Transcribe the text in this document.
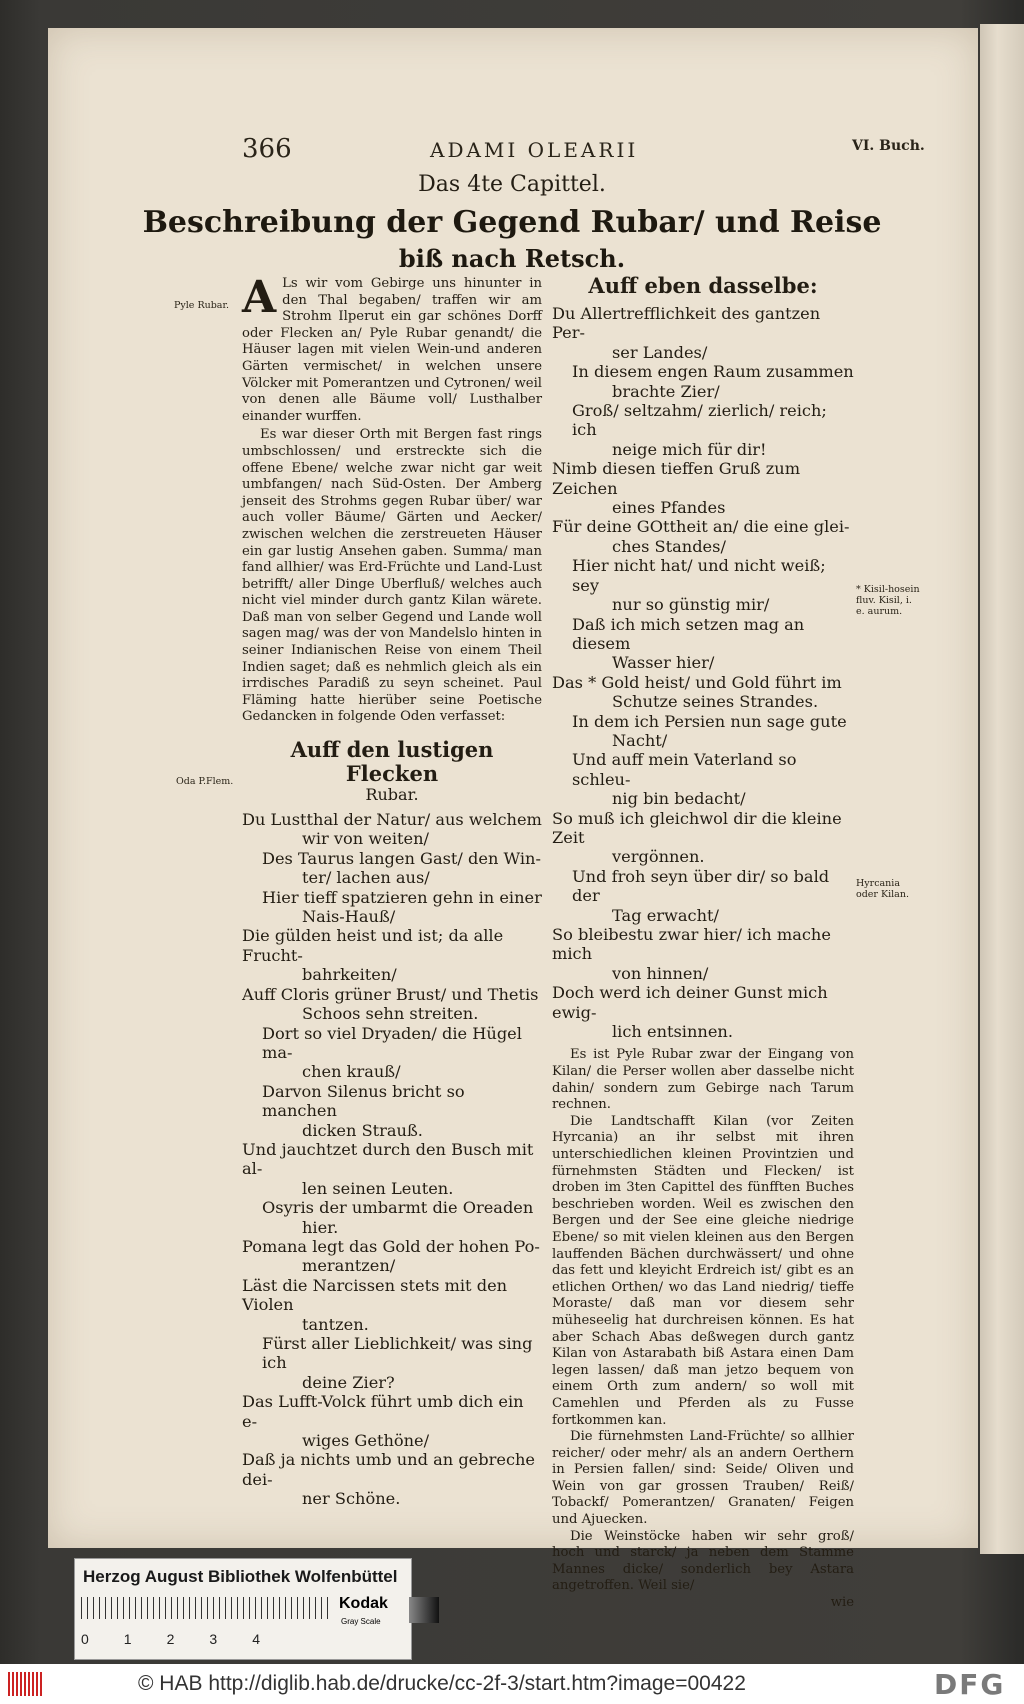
366	ADAMI OLEARII	VI. Buch.
Das 4te Capittel.
Beschreibung der Gegend Rubar/ und Reise
biß nach Retsch.
Pyle Rubar.
Oda P.Flem.
* Kisil-hosein fluv. Kisil, i. e. aurum.
Hyrcania oder Kilan.

A Ls wir vom Gebirge uns hinunter in den Thal begaben/ traffen wir am Strohm Ilperut ein gar schönes Dorff oder Flecken an/ Pyle Rubar genandt/ die Häuser lagen mit vielen Wein-und anderen Gärten vermischet/ in welchen unsere Völcker mit Pomerantzen und Cytronen/ weil von denen alle Bäume voll/ Lusthalber einander wurffen.

Es war dieser Orth mit Bergen fast rings umbschlossen/ und erstreckte sich die offene Ebene/ welche zwar nicht gar weit umbfangen/ nach Süd-Osten. Der Amberg jenseit des Strohms gegen Rubar über/ war auch voller Bäume/ Gärten und Aecker/ zwischen welchen die zerstreueten Häuser ein gar lustig Ansehen gaben. Summa/ man fand allhier/ was Erd-Früchte und Land-Lust betrifft/ aller Dinge Uberfluß/ welches auch nicht viel minder durch gantz Kilan wärete. Daß man von selber Gegend und Lande woll sagen mag/ was der von Mandelslo hinten in seiner Indianischen Reise von einem Theil Indien saget; daß es nehmlich gleich als ein irrdisches Paradiß zu seyn scheinet. Paul Fläming hatte hierüber seine Poetische Gedancken in folgende Oden verfasset:

Auff den lustigen Flecken
Rubar.
Du Lustthal der Natur/ aus welchem
wir von weiten/
Des Taurus langen Gast/ den Win-
ter/ lachen aus/
Hier tieff spatzieren gehn in einer
Nais-Hauß/
Die gülden heist und ist; da alle Frucht-
bahrkeiten/
Auff Cloris grüner Brust/ und Thetis
Schoos sehn streiten.
Dort so viel Dryaden/ die Hügel ma-
chen krauß/
Darvon Silenus bricht so manchen
dicken Strauß.
Und jauchtzet durch den Busch mit al-
len seinen Leuten.
Osyris der umbarmt die Oreaden
hier.
Pomana legt das Gold der hohen Po-
merantzen/
Läst die Narcissen stets mit den Violen
tantzen.
Fürst aller Lieblichkeit/ was sing ich
deine Zier?
Das Lufft-Volck führt umb dich ein e-
wiges Gethöne/
Daß ja nichts umb und an gebreche dei-
ner Schöne.
Auff eben dasselbe:
Du Allertrefflichkeit des gantzen Per-
ser Landes/
In diesem engen Raum zusammen
brachte Zier/
Groß/ seltzahm/ zierlich/ reich; ich
neige mich für dir!
Nimb diesen tieffen Gruß zum Zeichen
eines Pfandes
Für deine GOttheit an/ die eine glei-
ches Standes/
Hier nicht hat/ und nicht weiß; sey
nur so günstig mir/
Daß ich mich setzen mag an diesem
Wasser hier/
Das * Gold heist/ und Gold führt im
Schutze seines Strandes.
In dem ich Persien nun sage gute
Nacht/
Und auff mein Vaterland so schleu-
nig bin bedacht/
So muß ich gleichwol dir die kleine Zeit
vergönnen.
Und froh seyn über dir/ so bald der
Tag erwacht/
So bleibestu zwar hier/ ich mache mich
von hinnen/
Doch werd ich deiner Gunst mich ewig-
lich entsinnen.

Es ist Pyle Rubar zwar der Eingang von Kilan/ die Perser wollen aber dasselbe nicht dahin/ sondern zum Gebirge nach Tarum rechnen.

Die Landtschafft Kilan (vor Zeiten Hyrcania) an ihr selbst mit ihren unterschiedlichen kleinen Provintzien und fürnehmsten Städten und Flecken/ ist droben im 3ten Capittel des fünfften Buches beschrieben worden. Weil es zwischen den Bergen und der See eine gleiche niedrige Ebene/ so mit vielen kleinen aus den Bergen lauffenden Bächen durchwässert/ und ohne das fett und kleyicht Erdreich ist/ gibt es an etlichen Orthen/ wo das Land niedrig/ tieffe Moraste/ daß man vor diesem sehr müheseelig hat durchreisen können. Es hat aber Schach Abas deßwegen durch gantz Kilan von Astarabath biß Astara einen Dam legen lassen/ daß man jetzo bequem von einem Orth zum andern/ so woll mit Camehlen und Pferden als zu Fusse fortkommen kan.

Die fürnehmsten Land-Früchte/ so allhier reicher/ oder mehr/ als an andern Oerthern in Persien fallen/ sind: Seide/ Oliven und Wein von gar grossen Trauben/ Reiß/ Tobackf/ Pomerantzen/ Granaten/ Feigen und Ajuecken.

Die Weinstöcke haben wir sehr groß/ hoch und starck/ ja neben dem Stamme Mannes dicke/ sonderlich bey Astara angetroffen. Weil sie/

wie

Herzog August Bibliothek Wolfenbüttel
0	1	2	3	4
Kodak
Gray Scale
© HAB http://diglib.hab.de/drucke/cc-2f-3/start.htm?image=00422	DFG
